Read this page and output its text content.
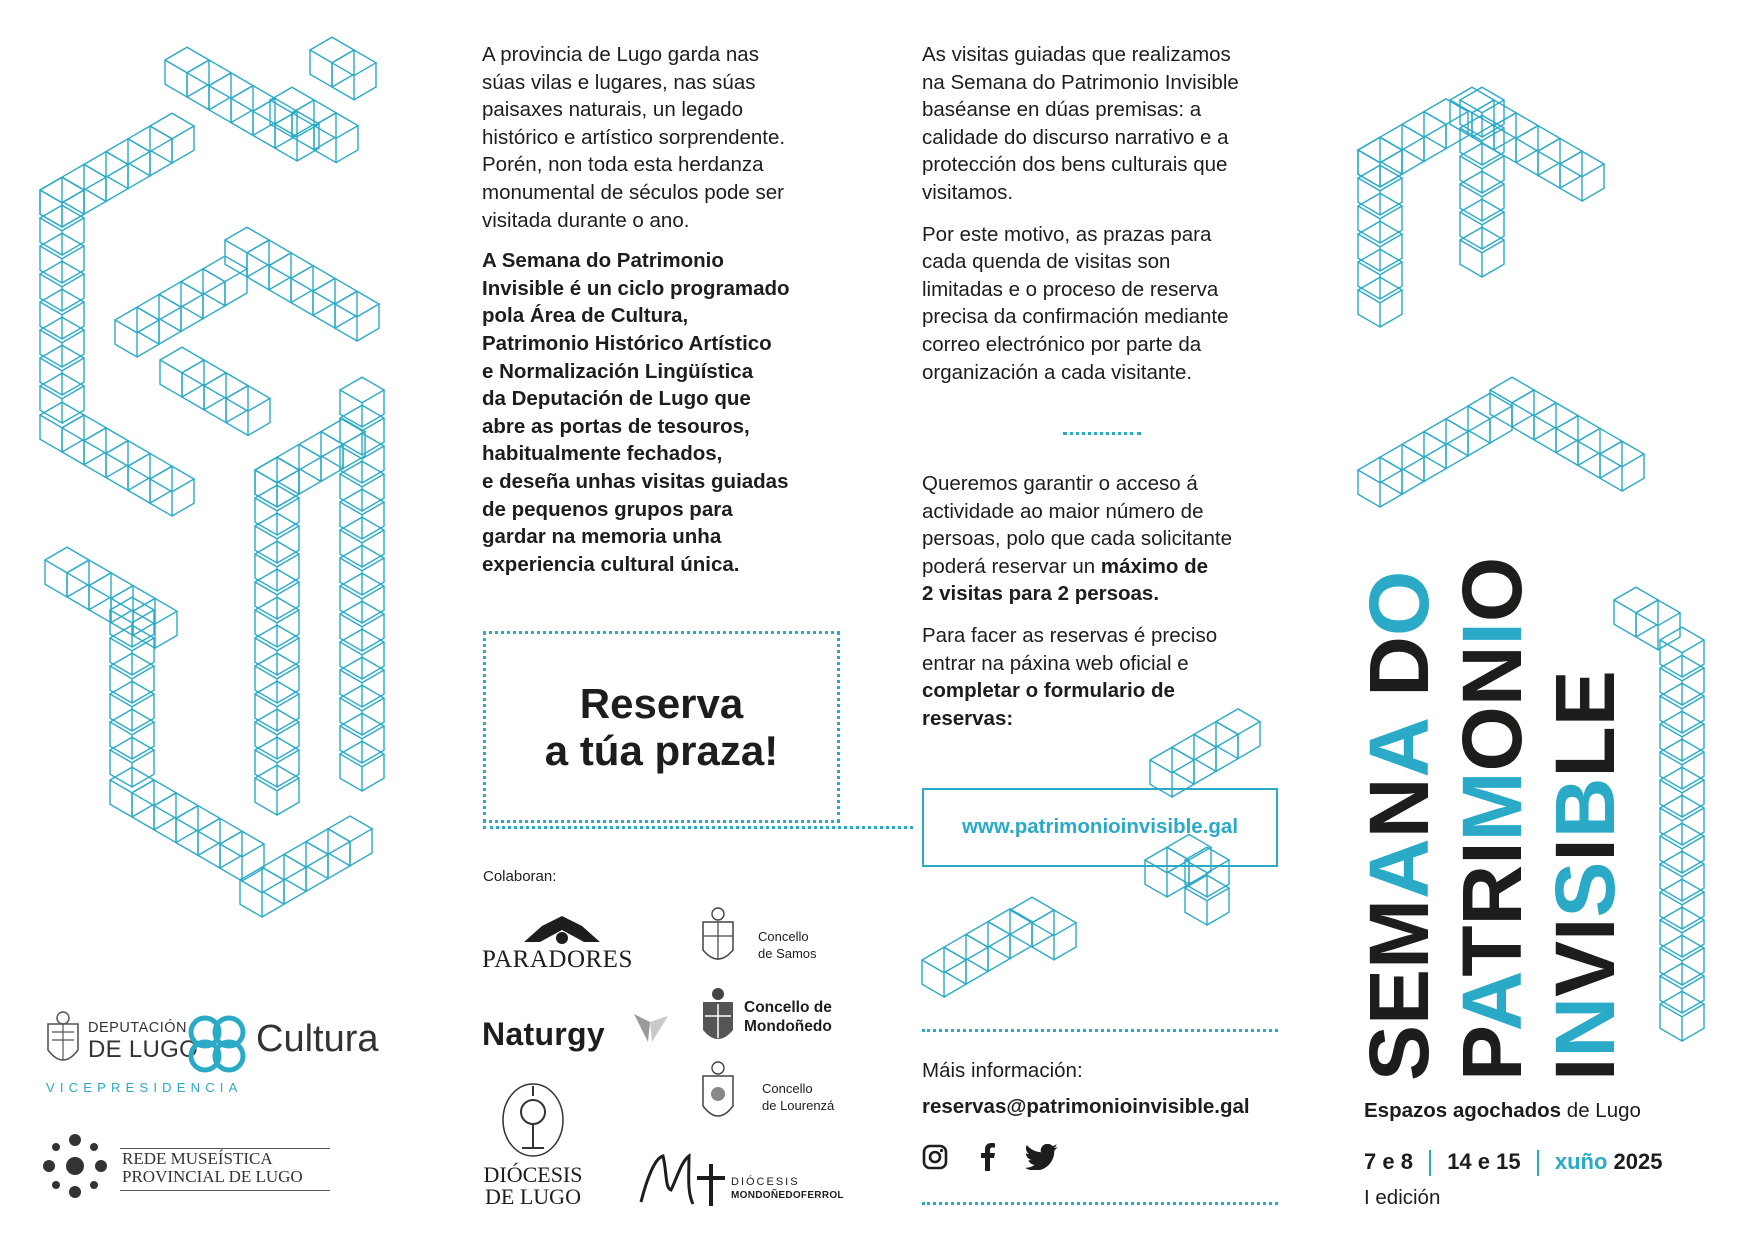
DEPUTACIÓN
DE LUGO Cultura
VICEPRESIDENCIA
REDE MUSEÍSTICA
PROVINCIAL DE LUGO

A provincia de Lugo garda nas

súas vilas e lugares, nas súas

paisaxes naturais, un legado

histórico e artístico sorprendente.

Porén, non toda esta herdanza

monumental de séculos pode ser

visitada durante o ano.

A Semana do Patrimonio

Invisible é un ciclo programado

pola Área de Cultura,

Patrimonio Histórico Artístico

e Normalización Lingüística

da Deputación de Lugo que

abre as portas de tesouros,

habitualmente fechados,

e deseña unhas visitas guiadas

de pequenos grupos para

gardar na memoria unha

experiencia cultural única.

Reserva
a túa praza!
Colaboran:
PARADORES
Naturgy
DIÓCESIS
DE LUGO
Concello
de Samos
Concello de
Mondoñedo
Concello
de Lourenzá
DIÓCESIS
MONDOÑEDOFERROL

As visitas guiadas que realizamos

na Semana do Patrimonio Invisible

baséanse en dúas premisas: a

calidade do discurso narrativo e a

protección dos bens culturais que

visitamos.

Por este motivo, as prazas para

cada quenda de visitas son

limitadas e o proceso de reserva

precisa da confirmación mediante

correo electrónico por parte da

organización a cada visitante.

Queremos garantir o acceso á

actividade ao maior número de

persoas, polo que cada solicitante

poderá reservar un máximo de

2 visitas para 2 persoas.

Para facer as reservas é preciso

entrar na páxina web oficial e

completar o formulario de

reservas:

www.patrimonioinvisible.gal
Máis información:
reservas@patrimonioinvisible.gal
SEMANA DO
PATRIMONIO
INVISIBLE
Espazos agochados de Lugo
7 e 8 14 e 15 xuño 2025
I edición
